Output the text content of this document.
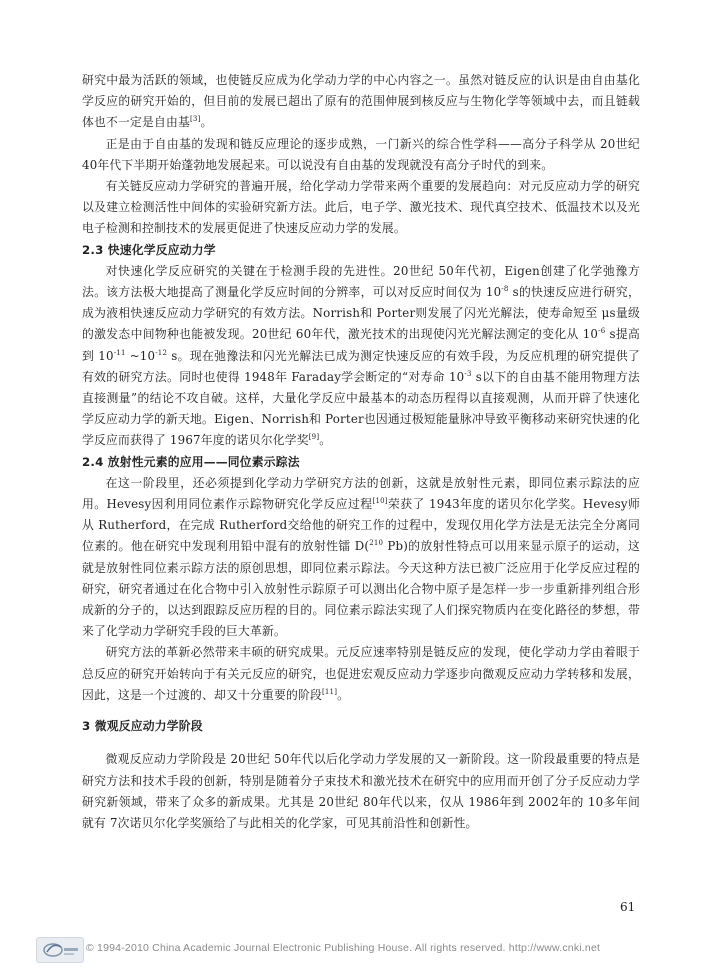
研究中最为活跃的领域，也使链反应成为化学动力学的中心内容之一。虽然对链反应的认识是由自由基化学反应的研究开始的，但目前的发展已超出了原有的范围伸展到核反应与生物化学等领域中去，而且链载体也不一定是自由基[3]。

正是由于自由基的发现和链反应理论的逐步成熟，一门新兴的综合性学科——高分子科学从 20世纪 40年代下半期开始蓬勃地发展起来。可以说没有自由基的发现就没有高分子时代的到来。

有关链反应动力学研究的普遍开展，给化学动力学带来两个重要的发展趋向：对元反应动力学的研究以及建立检测活性中间体的实验研究新方法。此后，电子学、激光技术、现代真空技术、低温技术以及光电子检测和控制技术的发展更促进了快速反应动力学的发展。

2.3 快速化学反应动力学

对快速化学反应研究的关键在于检测手段的先进性。20世纪 50年代初，Eigen创建了化学弛豫方法。该方法极大地提高了测量化学反应时间的分辨率，可以对反应时间仅为 $10^{-8}$ s的快速反应进行研究，成为液相快速反应动力学研究的有效方法。Norrish和 Porter则发展了闪光光解法，使寿命短至 μs量级的激发态中间物种也能被发现。20世纪 60年代，激光技术的出现使闪光光解法测定的变化从 $10^{-6}$ s提高到 $10^{-11}$ $\sim 10^{-12}$ s。现在弛豫法和闪光光解法已成为测定快速反应的有效手段，为反应机理的研究提供了有效的研究方法。同时也使得 1948年 Faraday学会断定的“对寿命 $10^{-3}$ s以下的自由基不能用物理方法直接测量”的结论不攻自破。这样，大量化学反应中最基本的动态历程得以直接观测，从而开辟了快速化学反应动力学的新天地。Eigen、Norrish和 Porter也因通过极短能量脉冲导致平衡移动来研究快速的化学反应而获得了 1967年度的诺贝尔化学奖[9]。

2.4 放射性元素的应用——同位素示踪法

在这一阶段里，还必须提到化学动力学研究方法的创新，这就是放射性元素，即同位素示踪法的应用。Hevesy因利用同位素作示踪物研究化学反应过程[10]荣获了 1943年度的诺贝尔化学奖。Hevesy师从 Rutherford，在完成 Rutherford交给他的研究工作的过程中，发现仅用化学方法是无法完全分离同位素的。他在研究中发现利用铅中混有的放射性镭 D($^{210}$ Pb)的放射性特点可以用来显示原子的运动，这就是放射性同位素示踪方法的原创思想，即同位素示踪法。今天这种方法已被广泛应用于化学反应过程的研究，研究者通过在化合物中引入放射性示踪原子可以测出化合物中原子是怎样一步一步重新排列组合形成新的分子的，以达到跟踪反应历程的目的。同位素示踪法实现了人们探究物质内在变化路径的梦想，带来了化学动力学研究手段的巨大革新。

研究方法的革新必然带来丰硕的研究成果。元反应速率特别是链反应的发现，使化学动力学由着眼于总反应的研究开始转向于有关元反应的研究，也促进宏观反应动力学逐步向微观反应动力学转移和发展，因此，这是一个过渡的、却又十分重要的阶段[11]。

3 微观反应动力学阶段

微观反应动力学阶段是 20世纪 50年代以后化学动力学发展的又一新阶段。这一阶段最重要的特点是研究方法和技术手段的创新，特别是随着分子束技术和激光技术在研究中的应用而开创了分子反应动力学研究新领域，带来了众多的新成果。尤其是 20世纪 80年代以来，仅从 1986年到 2002年的 10多年间就有 7次诺贝尔化学奖颁给了与此相关的化学家，可见其前沿性和创新性。

61
© 1994-2010 China Academic Journal Electronic Publishing House. All rights reserved. http://www.cnki.net
